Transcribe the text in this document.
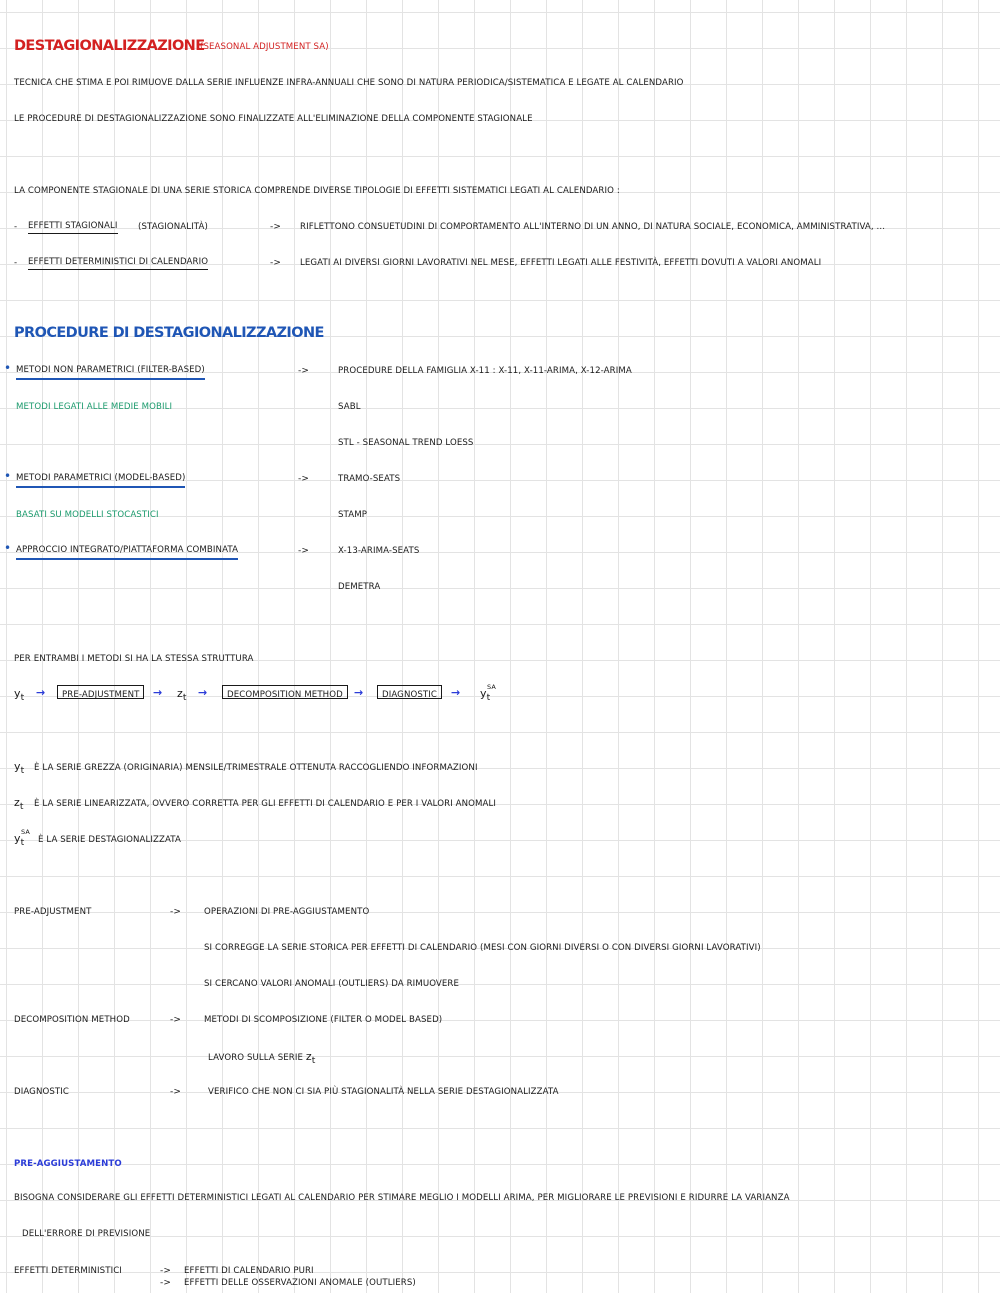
DESTAGIONALIZZAZIONE
(SEASONAL ADJUSTMENT SA)
TECNICA CHE STIMA E POI RIMUOVE DALLA SERIE INFLUENZE INFRA-ANNUALI CHE SONO DI NATURA PERIODICA/SISTEMATICA E LEGATE AL CALENDARIO
LE PROCEDURE DI DESTAGIONALIZZAZIONE SONO FINALIZZATE ALL'ELIMINAZIONE DELLA COMPONENTE STAGIONALE
LA COMPONENTE STAGIONALE DI UNA SERIE STORICA COMPRENDE DIVERSE TIPOLOGIE DI EFFETTI SISTEMATICI LEGATI AL CALENDARIO :
- EFFETTI STAGIONALI (STAGIONALITÀ)	-> RIFLETTONO CONSUETUDINI DI COMPORTAMENTO ALL'INTERNO DI UN ANNO, DI NATURA SOCIALE, ECONOMICA, AMMINISTRATIVA, ...
- EFFETTI DETERMINISTICI DI CALENDARIO	-> LEGATI AI DIVERSI GIORNI LAVORATIVI NEL MESE, EFFETTI LEGATI ALLE FESTIVITÀ, EFFETTI DOVUTI A VALORI ANOMALI
PROCEDURE DI DESTAGIONALIZZAZIONE
• METODI NON PARAMETRICI (FILTER-BASED)
METODI LEGATI ALLE MEDIE MOBILI
->	PROCEDURE DELLA FAMIGLIA X-11 : X-11, X-11-ARIMA, X-12-ARIMA
SABL
STL - SEASONAL TREND LOESS
• METODI PARAMETRICI (MODEL-BASED)
BASATI SU MODELLI STOCASTICI
->	TRAMO-SEATS
STAMP
• APPROCCIO INTEGRATO/PIATTAFORMA COMBINATA	->	X-13-ARIMA-SEATS
DEMETRA
PER ENTRAMBI I METODI SI HA LA STESSA STRUTTURA
$y_t$ →	PRE-ADJUSTMENT	→ $z_t$ →	DECOMPOSITION METHOD	→	DIAGNOSTIC	→ $y_t$
SA
$y_t$ È LA SERIE GREZZA (ORIGINARIA) MENSILE/TRIMESTRALE OTTENUTA RACCOGLIENDO INFORMAZIONI
$z_t$ È LA SERIE LINEARIZZATA, OVVERO CORRETTA PER GLI EFFETTI DI CALENDARIO E PER I VALORI ANOMALI
$y_t$
SA
È LA SERIE DESTAGIONALIZZATA
PRE-ADJUSTMENT	->	OPERAZIONI DI PRE-AGGIUSTAMENTO
SI CORREGGE LA SERIE STORICA PER EFFETTI DI CALENDARIO (MESI CON GIORNI DIVERSI O CON DIVERSI GIORNI LAVORATIVI)
SI CERCANO VALORI ANOMALI (OUTLIERS) DA RIMUOVERE
DECOMPOSITION METHOD	->	METODI DI SCOMPOSIZIONE (FILTER O MODEL BASED)
LAVORO SULLA SERIE $z_t$
DIAGNOSTIC	->	VERIFICO CHE NON CI SIA PIÙ STAGIONALITÀ NELLA SERIE DESTAGIONALIZZATA
PRE-AGGIUSTAMENTO
BISOGNA CONSIDERARE GLI EFFETTI DETERMINISTICI LEGATI AL CALENDARIO PER STIMARE MEGLIO I MODELLI ARIMA, PER MIGLIORARE LE PREVISIONI E RIDURRE LA VARIANZA
DELL'ERRORE DI PREVISIONE
EFFETTI DETERMINISTICI	-> EFFETTI DI CALENDARIO PURI
-> EFFETTI DELLE OSSERVAZIONI ANOMALE (OUTLIERS)
